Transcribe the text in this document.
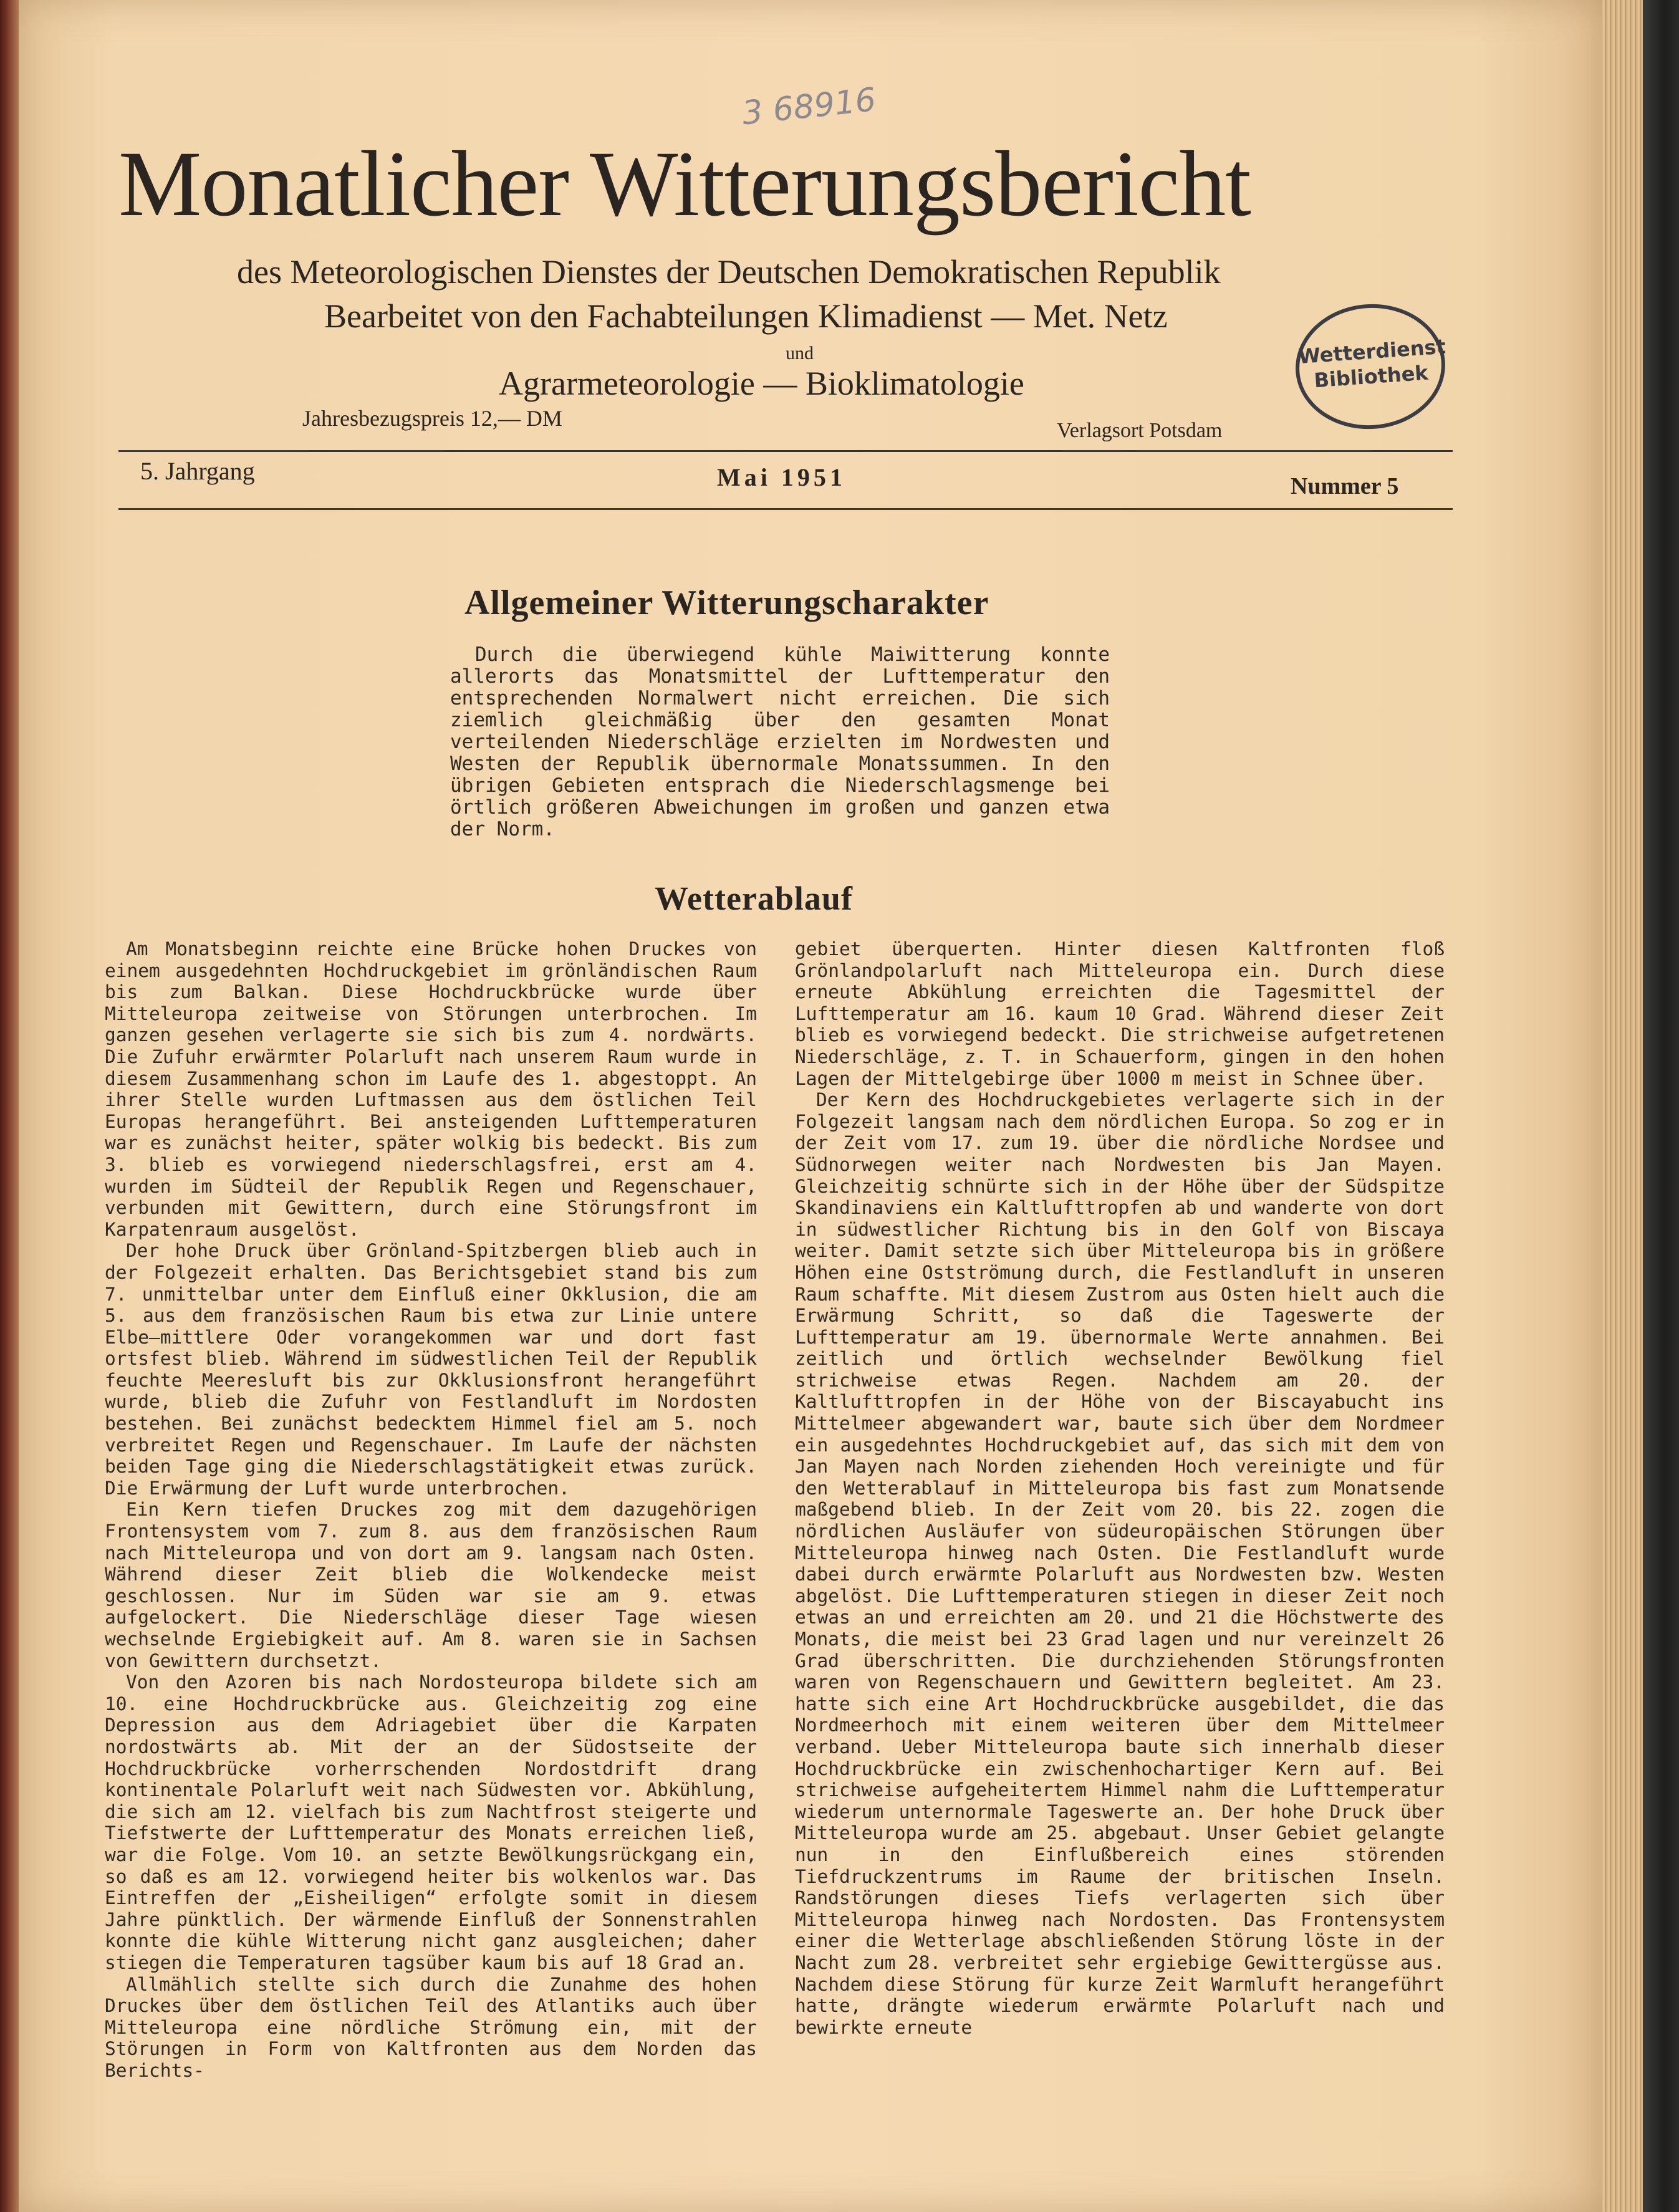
3 68916
Monatlicher Witterungsbericht
des Meteorologischen Dienstes der Deutschen Demokratischen Republik
Bearbeitet von den Fachabteilungen Klimadienst — Met. Netz
und
Agrarmeteorologie — Bioklimatologie
Jahresbezugspreis 12,— DM	Verlagsort Potsdam
Wetterdienst
Bibliothek
5. Jahrgang	Mai 1951	Nummer 5
Allgemeiner Witterungscharakter
Durch die überwiegend kühle Maiwitterung konnte allerorts das Monatsmittel der Lufttemperatur den entsprechenden Normalwert nicht erreichen. Die sich ziemlich gleichmäßig über den gesamten Monat verteilenden Niederschläge erzielten im Nordwesten und Westen der Republik übernormale Monatssummen. In den übrigen Gebieten entsprach die Niederschlagsmenge bei örtlich größeren Abweichungen im großen und ganzen etwa der Norm.
Wetterablauf

Am Monatsbeginn reichte eine Brücke hohen Druckes von einem ausgedehnten Hochdruckgebiet im grönländischen Raum bis zum Balkan. Diese Hochdruckbrücke wurde über Mitteleuropa zeitweise von Störungen unterbrochen. Im ganzen gesehen verlagerte sie sich bis zum 4. nordwärts. Die Zufuhr erwärmter Polarluft nach unserem Raum wurde in diesem Zusammenhang schon im Laufe des 1. abgestoppt. An ihrer Stelle wurden Luftmassen aus dem östlichen Teil Europas herangeführt. Bei ansteigenden Lufttemperaturen war es zunächst heiter, später wolkig bis bedeckt. Bis zum 3. blieb es vorwiegend niederschlagsfrei, erst am 4. wurden im Südteil der Republik Regen und Regenschauer, verbunden mit Gewittern, durch eine Störungsfront im Karpatenraum ausgelöst.

Der hohe Druck über Grönland-Spitzbergen blieb auch in der Folgezeit erhalten. Das Berichtsgebiet stand bis zum 7. unmittelbar unter dem Einfluß einer Okklusion, die am 5. aus dem französischen Raum bis etwa zur Linie untere Elbe—mittlere Oder vorangekommen war und dort fast ortsfest blieb. Während im südwestlichen Teil der Republik feuchte Meeresluft bis zur Okklusionsfront herangeführt wurde, blieb die Zufuhr von Festlandluft im Nordosten bestehen. Bei zunächst bedecktem Himmel fiel am 5. noch verbreitet Regen und Regenschauer. Im Laufe der nächsten beiden Tage ging die Niederschlagstätigkeit etwas zurück. Die Erwärmung der Luft wurde unterbrochen.

Ein Kern tiefen Druckes zog mit dem dazugehörigen Frontensystem vom 7. zum 8. aus dem französischen Raum nach Mitteleuropa und von dort am 9. langsam nach Osten. Während dieser Zeit blieb die Wolkendecke meist geschlossen. Nur im Süden war sie am 9. etwas aufgelockert. Die Niederschläge dieser Tage wiesen wechselnde Ergiebigkeit auf. Am 8. waren sie in Sachsen von Gewittern durchsetzt.

Von den Azoren bis nach Nordosteuropa bildete sich am 10. eine Hochdruckbrücke aus. Gleichzeitig zog eine Depression aus dem Adriagebiet über die Karpaten nordostwärts ab. Mit der an der Südostseite der Hochdruckbrücke vorherrschenden Nordostdrift drang kontinentale Polarluft weit nach Südwesten vor. Abkühlung, die sich am 12. vielfach bis zum Nachtfrost steigerte und Tiefstwerte der Lufttemperatur des Monats erreichen ließ, war die Folge. Vom 10. an setzte Bewölkungsrückgang ein, so daß es am 12. vorwiegend heiter bis wolkenlos war. Das Eintreffen der „Eisheiligen“ erfolgte somit in diesem Jahre pünktlich. Der wärmende Einfluß der Sonnenstrahlen konnte die kühle Witterung nicht ganz ausgleichen; daher stiegen die Temperaturen tagsüber kaum bis auf 18 Grad an.

Allmählich stellte sich durch die Zunahme des hohen Druckes über dem östlichen Teil des Atlantiks auch über Mitteleuropa eine nördliche Strömung ein, mit der Störungen in Form von Kaltfronten aus dem Norden das Berichts-

gebiet überquerten. Hinter diesen Kaltfronten floß Grönlandpolarluft nach Mitteleuropa ein. Durch diese erneute Abkühlung erreichten die Tagesmittel der Lufttemperatur am 16. kaum 10 Grad. Während dieser Zeit blieb es vorwiegend bedeckt. Die strichweise aufgetretenen Niederschläge, z. T. in Schauerform, gingen in den hohen Lagen der Mittelgebirge über 1000 m meist in Schnee über.

Der Kern des Hochdruckgebietes verlagerte sich in der Folgezeit langsam nach dem nördlichen Europa. So zog er in der Zeit vom 17. zum 19. über die nördliche Nordsee und Südnorwegen weiter nach Nordwesten bis Jan Mayen. Gleichzeitig schnürte sich in der Höhe über der Südspitze Skandinaviens ein Kaltlufttropfen ab und wanderte von dort in südwestlicher Richtung bis in den Golf von Biscaya weiter. Damit setzte sich über Mitteleuropa bis in größere Höhen eine Ostströmung durch, die Festlandluft in unseren Raum schaffte. Mit diesem Zustrom aus Osten hielt auch die Erwärmung Schritt, so daß die Tageswerte der Lufttemperatur am 19. übernormale Werte annahmen. Bei zeitlich und örtlich wechselnder Bewölkung fiel strichweise etwas Regen. Nachdem am 20. der Kaltlufttropfen in der Höhe von der Biscayabucht ins Mittelmeer abgewandert war, baute sich über dem Nordmeer ein ausgedehntes Hochdruckgebiet auf, das sich mit dem von Jan Mayen nach Norden ziehenden Hoch vereinigte und für den Wetterablauf in Mitteleuropa bis fast zum Monatsende maßgebend blieb. In der Zeit vom 20. bis 22. zogen die nördlichen Ausläufer von südeuropäischen Störungen über Mitteleuropa hinweg nach Osten. Die Festlandluft wurde dabei durch erwärmte Polarluft aus Nordwesten bzw. Westen abgelöst. Die Lufttemperaturen stiegen in dieser Zeit noch etwas an und erreichten am 20. und 21 die Höchstwerte des Monats, die meist bei 23 Grad lagen und nur vereinzelt 26 Grad überschritten. Die durchziehenden Störungsfronten waren von Regenschauern und Gewittern begleitet. Am 23. hatte sich eine Art Hochdruckbrücke ausgebildet, die das Nordmeerhoch mit einem weiteren über dem Mittelmeer verband. Ueber Mitteleuropa baute sich innerhalb dieser Hochdruckbrücke ein zwischenhochartiger Kern auf. Bei strichweise aufgeheitertem Himmel nahm die Lufttemperatur wiederum unternormale Tageswerte an. Der hohe Druck über Mitteleuropa wurde am 25. abgebaut. Unser Gebiet gelangte nun in den Einflußbereich eines störenden Tiefdruckzentrums im Raume der britischen Inseln. Randstörungen dieses Tiefs verlagerten sich über Mitteleuropa hinweg nach Nordosten. Das Frontensystem einer die Wetterlage abschließenden Störung löste in der Nacht zum 28. verbreitet sehr ergiebige Gewittergüsse aus. Nachdem diese Störung für kurze Zeit Warmluft herangeführt hatte, drängte wiederum erwärmte Polarluft nach und bewirkte erneute
